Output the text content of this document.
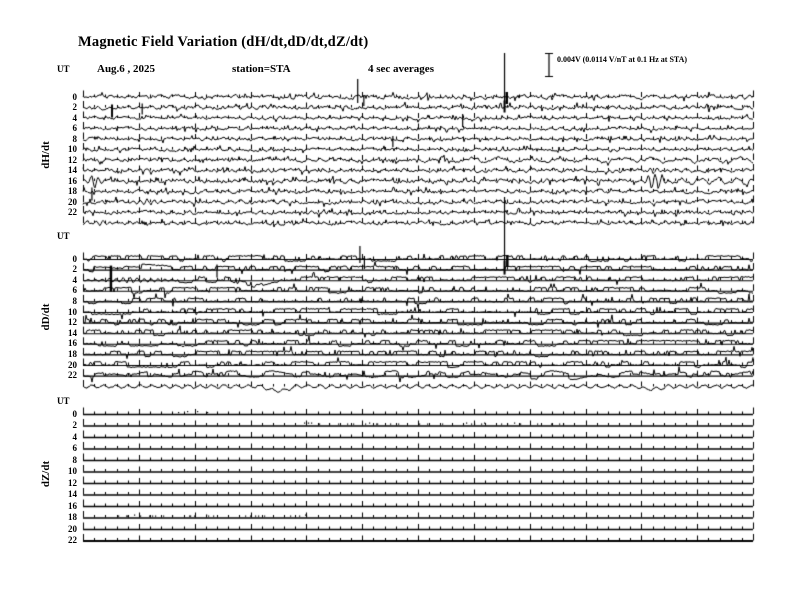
Magnetic Field Variation (dH/dt,dD/dt,dZ/dt)
Aug.6 , 2025	station=STA	4 sec averages
0.004V (0.0114 V/nT at 0.1 Hz at STA)
UT
dH/dt
0
2
4
6
8
10
12
14
16
18
20
22
UT
dD/dt
0
2
4
6
8
10
12
14
16
18
20
22
UT
dZ/dt
0
2
4
6
8
10
12
14
16
18
20
22
